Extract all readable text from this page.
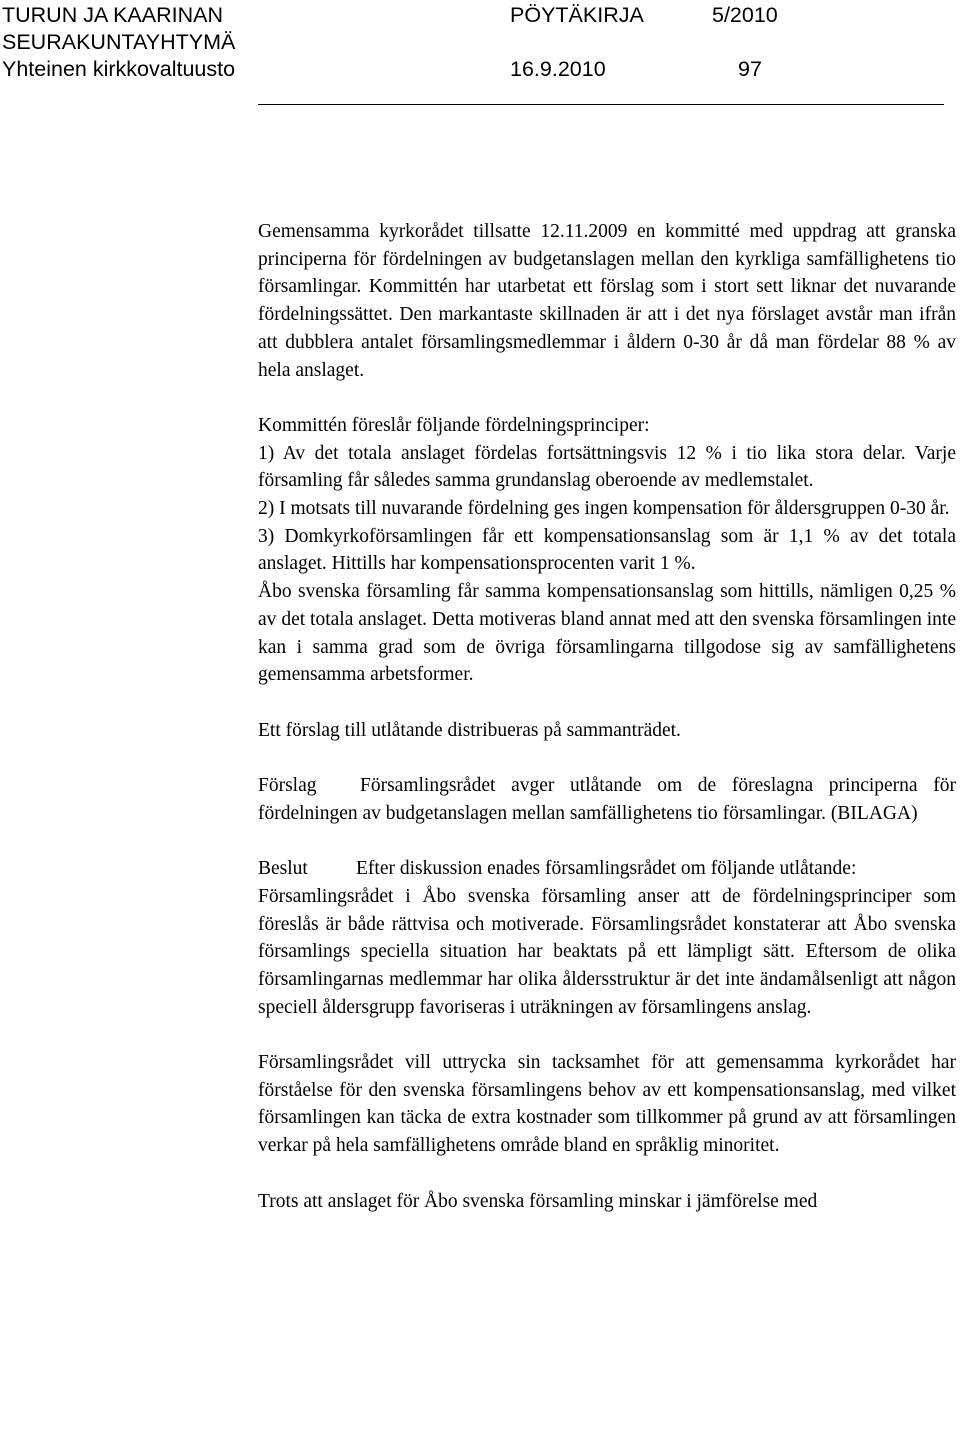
TURUN JA KAARINAN
SEURAKUNTAYHTYMÄ
Yhteinen kirkkovaltuusto
PÖYTÄKIRJA	5/2010
16.9.2010	97

Gemensamma kyrkorådet tillsatte 12.11.2009 en kommitté med uppdrag att granska principerna för fördelningen av budgetanslagen mellan den kyrkliga samfällighetens tio församlingar. Kommittén har utarbetat ett förslag som i stort sett liknar det nuvarande fördelningssättet. Den markantaste skillnaden är att i det nya förslaget avstår man ifrån att dubblera antalet församlingsmedlemmar i åldern 0-30 år då man fördelar 88 % av hela anslaget.

Kommittén föreslår följande fördelningsprinciper:

1) Av det totala anslaget fördelas fortsättningsvis 12 % i tio lika stora delar. Varje församling får således samma grundanslag oberoende av medlemstalet.

2) I motsats till nuvarande fördelning ges ingen kompensation för åldersgruppen 0-30 år.

3) Domkyrkoförsamlingen får ett kompensationsanslag som är 1,1 % av det totala anslaget. Hittills har kompensationsprocenten varit 1 %.

Åbo svenska församling får samma kompensationsanslag som hittills, nämligen 0,25 % av det totala anslaget. Detta motiveras bland annat med att den svenska församlingen inte kan i samma grad som de övriga församlingarna tillgodose sig av samfällighetens gemensamma arbetsformer.

Ett förslag till utlåtande distribueras på sammanträdet.

Förslag Församlingsrådet avger utlåtande om de föreslagna principerna för fördelningen av budgetanslagen mellan samfällighetens tio församlingar. (BILAGA)

Beslut Efter diskussion enades församlingsrådet om följande utlåtande:

Församlingsrådet i Åbo svenska församling anser att de fördelningsprinciper som föreslås är både rättvisa och motiverade. Församlingsrådet konstaterar att Åbo svenska församlings speciella situation har beaktats på ett lämpligt sätt. Eftersom de olika församlingarnas medlemmar har olika åldersstruktur är det inte ändamålsenligt att någon speciell åldersgrupp favoriseras i uträkningen av församlingens anslag.

Församlingsrådet vill uttrycka sin tacksamhet för att gemensamma kyrkorådet har förståelse för den svenska församlingens behov av ett kompensationsanslag, med vilket församlingen kan täcka de extra kostnader som tillkommer på grund av att församlingen verkar på hela samfällighetens område bland en språklig minoritet.

Trots att anslaget för Åbo svenska församling minskar i jämförelse med
